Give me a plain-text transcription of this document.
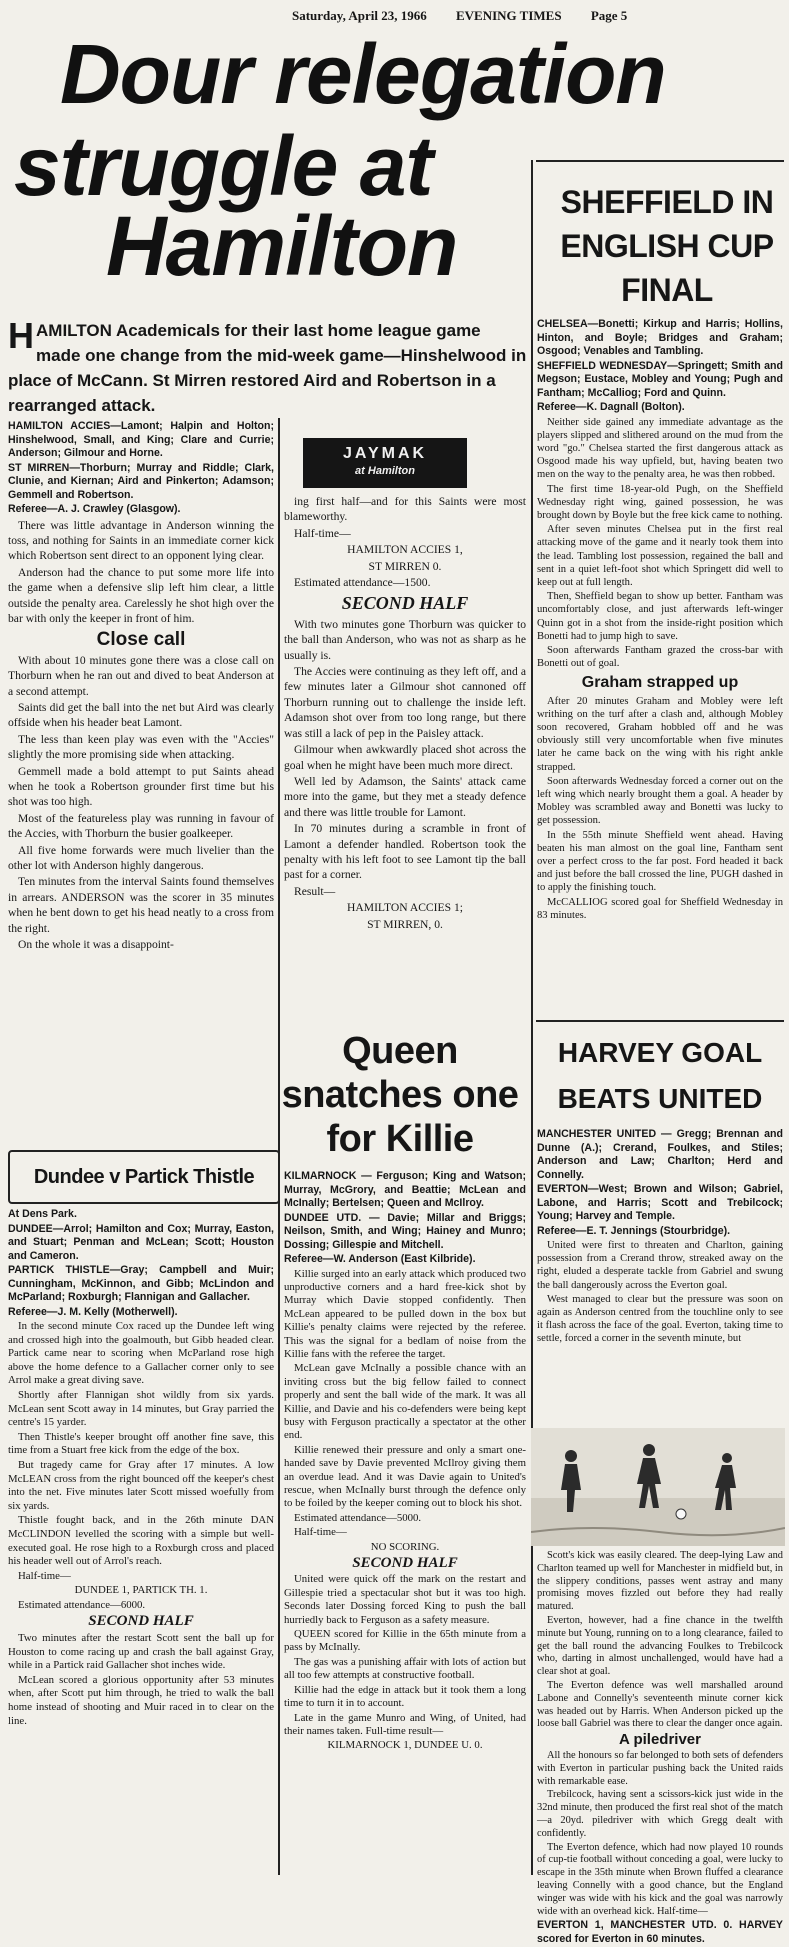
Saturday, April 23, 1966 EVENING TIMES Page 5
Dour relegation
struggle at
Hamilton
HAMILTON Academicals for their last home league game made one change from the mid-week game—Hinshelwood in place of McCann. St Mirren restored Aird and Robertson in a rearranged attack.

HAMILTON ACCIES—Lamont; Halpin and Holton; Hinshelwood, Small, and King; Clare and Currie; Anderson; Gilmour and Horne.

ST MIRREN—Thorburn; Murray and Riddle; Clark, Clunie, and Kiernan; Aird and Pinkerton; Adamson; Gemmell and Robertson.

Referee—A. J. Crawley (Glasgow).

There was little advantage in Anderson winning the toss, and nothing for Saints in an immediate corner kick which Robertson sent direct to an opponent lying clear.

Anderson had the chance to put some more life into the game when a defensive slip left him clear, a little outside the penalty area. Carelessly he shot high over the bar with only the keeper in front of him.

Close call

With about 10 minutes gone there was a close call on Thorburn when he ran out and dived to beat Anderson at a second attempt.

Saints did get the ball into the net but Aird was clearly offside when his header beat Lamont.

The less than keen play was even with the "Accies" slightly the more promising side when attacking.

Gemmell made a bold attempt to put Saints ahead when he took a Robertson grounder first time but his shot was too high.

Most of the featureless play was running in favour of the Accies, with Thorburn the busier goalkeeper.

All five home forwards were much livelier than the other lot with Anderson highly dangerous.

Ten minutes from the interval Saints found themselves in arrears. ANDERSON was the scorer in 35 minutes when he bent down to get his head neatly to a cross from the right.

On the whole it was a disappoint-

JAYMAK
at Hamilton

ing first half—and for this Saints were most blameworthy.

Half-time—

HAMILTON ACCIES 1,

ST MIRREN 0.

Estimated attendance—1500.

SECOND HALF

With two minutes gone Thorburn was quicker to the ball than Anderson, who was not as sharp as he usually is.

The Accies were continuing as they left off, and a few minutes later a Gilmour shot cannoned off Thorburn running out to challenge the inside left. Adamson shot over from too long range, but there was still a lack of pep in the Paisley attack.

Gilmour when awkwardly placed shot across the goal when he might have been much more direct.

Well led by Adamson, the Saints' attack came more into the game, but they met a steady defence and there was little trouble for Lamont.

In 70 minutes during a scramble in front of Lamont a defender handled. Robertson took the penalty with his left foot to see Lamont tip the ball past for a corner.

Result—

HAMILTON ACCIES 1;

ST MIRREN, 0.

Dundee v Partick Thistle

At Dens Park.

DUNDEE—Arrol; Hamilton and Cox; Murray, Easton, and Stuart; Penman and McLean; Scott; Houston and Cameron.

PARTICK THISTLE—Gray; Campbell and Muir; Cunningham, McKinnon, and Gibb; McLindon and McParland; Roxburgh; Flannigan and Gallacher.

Referee—J. M. Kelly (Motherwell).

In the second minute Cox raced up the Dundee left wing and crossed high into the goalmouth, but Gibb headed clear. Partick came near to scoring when McParland rose high above the home defence to a Gallacher corner only to see Arrol make a great diving save.

Shortly after Flannigan shot wildly from six yards. McLean sent Scott away in 14 minutes, but Gray parried the centre's 15 yarder.

Then Thistle's keeper brought off another fine save, this time from a Stuart free kick from the edge of the box.

But tragedy came for Gray after 17 minutes. A low McLEAN cross from the right bounced off the keeper's chest into the net. Five minutes later Scott missed woefully from six yards.

Thistle fought back, and in the 26th minute DAN McCLINDON levelled the scoring with a simple but well-executed goal. He rose high to a Roxburgh cross and placed his header well out of Arrol's reach.

Half-time—

DUNDEE 1, PARTICK TH. 1.

Estimated attendance—6000.

SECOND HALF

Two minutes after the restart Scott sent the ball up for Houston to come racing up and crash the ball against Gray, while in a Partick raid Gallacher shot inches wide.

McLean scored a glorious opportunity after 53 minutes when, after Scott put him through, he tried to walk the ball home instead of shooting and Muir raced in to clear on the line.

Queen snatches one for Killie

KILMARNOCK — Ferguson; King and Watson; Murray, McGrory, and Beattie; McLean and McInally; Bertelsen; Queen and McIlroy.

DUNDEE UTD. — Davie; Millar and Briggs; Neilson, Smith, and Wing; Hainey and Munro; Dossing; Gillespie and Mitchell.

Referee—W. Anderson (East Kilbride).

Killie surged into an early attack which produced two unproductive corners and a hard free-kick shot by Murray which Davie stopped confidently. Then McLean appeared to be pulled down in the box but Killie's penalty claims were rejected by the referee. This was the signal for a bedlam of noise from the Killie fans with the referee the target.

McLean gave McInally a possible chance with an inviting cross but the big fellow failed to connect properly and sent the ball wide of the mark. It was all Killie, and Davie and his co-defenders were being kept busy with Ferguson practically a spectator at the other end.

Killie renewed their pressure and only a smart one-handed save by Davie prevented McIlroy giving them an overdue lead. And it was Davie again to United's rescue, when McInally burst through the defence only to be foiled by the keeper coming out to block his shot.

Estimated attendance—5000.

Half-time—

NO SCORING.

SECOND HALF

United were quick off the mark on the restart and Gillespie tried a spectacular shot but it was too high. Seconds later Dossing forced King to push the ball hurriedly back to Ferguson as a safety measure.

QUEEN scored for Killie in the 65th minute from a pass by McInally.

The gas was a punishing affair with lots of action but all too few attempts at constructive football.

Killie had the edge in attack but it took them a long time to turn it in to account.

Late in the game Munro and Wing, of United, had their names taken. Full-time result—

KILMARNOCK 1, DUNDEE U. 0.

SHEFFIELD IN ENGLISH CUP FINAL

CHELSEA—Bonetti; Kirkup and Harris; Hollins, Hinton, and Boyle; Bridges and Graham; Osgood; Venables and Tambling.

SHEFFIELD WEDNESDAY—Springett; Smith and Megson; Eustace, Mobley and Young; Pugh and Fantham; McCalliog; Ford and Quinn.

Referee—K. Dagnall (Bolton).

Neither side gained any immediate advantage as the players slipped and slithered around on the mud from the word "go." Chelsea started the first dangerous attack as Osgood made his way upfield, but, having beaten two men on the way to the penalty area, he was then robbed.

The first time 18-year-old Pugh, on the Sheffield Wednesday right wing, gained possession, he was brought down by Boyle but the free kick came to nothing.

After seven minutes Chelsea put in the first real attacking move of the game and it nearly took them into the lead. Tambling lost possession, regained the ball and sent in a quiet left-foot shot which Springett did well to keep out at full length.

Then, Sheffield began to show up better. Fantham was uncomfortably close, and just afterwards left-winger Quinn got in a shot from the inside-right position which Bonetti had to jump high to save.

Soon afterwards Fantham grazed the cross-bar with Bonetti out of goal.

Graham strapped up

After 20 minutes Graham and Mobley were left writhing on the turf after a clash and, although Mobley soon recovered, Graham hobbled off and he was obviously still very uncomfortable when five minutes later he came back on the wing with his right ankle strapped.

Soon afterwards Wednesday forced a corner out on the left wing which nearly brought them a goal. A header by Mobley was scrambled away and Bonetti was lucky to get possession.

In the 55th minute Sheffield went ahead. Having beaten his man almost on the goal line, Fantham sent over a perfect cross to the far post. Ford headed it back and just before the ball crossed the line, PUGH dashed in to apply the finishing touch.

McCALLIOG scored goal for Sheffield Wednesday in 83 minutes.

HARVEY GOAL BEATS UNITED

MANCHESTER UNITED — Gregg; Brennan and Dunne (A.); Crerand, Foulkes, and Stiles; Anderson and Law; Charlton; Herd and Connelly.

EVERTON—West; Brown and Wilson; Gabriel, Labone, and Harris; Scott and Trebilcock; Young; Harvey and Temple.

Referee—E. T. Jennings (Stourbridge).

United were first to threaten and Charlton, gaining possession from a Crerand throw, streaked away on the right, eluded a desperate tackle from Gabriel and swung the ball dangerously across the Everton goal.

West managed to clear but the pressure was soon on again as Anderson centred from the touchline only to see it flash across the face of the goal. Everton, taking time to settle, forced a corner in the seventh minute, but

Scott's kick was easily cleared. The deep-lying Law and Charlton teamed up well for Manchester in midfield but, in the slippery conditions, passes went astray and many promising moves fizzled out before they had really matured.

Everton, however, had a fine chance in the twelfth minute but Young, running on to a long clearance, failed to get the ball round the advancing Foulkes to Trebilcock who, darting in almost unchallenged, would have had a clear shot at goal.

The Everton defence was well marshalled around Labone and Connelly's seventeenth minute corner kick was headed out by Harris. When Anderson picked up the loose ball Gabriel was there to clear the danger once again.

A piledriver

All the honours so far belonged to both sets of defenders with Everton in particular pushing back the United raids with remarkable ease.

Trebilcock, having sent a scissors-kick just wide in the 32nd minute, then produced the first real shot of the match—a 20yd. piledriver with which Gregg dealt with confidently.

The Everton defence, which had now played 10 rounds of cup-tie football without conceding a goal, were lucky to escape in the 35th minute when Brown fluffed a clearance leaving Connelly with a good chance, but the England winger was wide with his kick and the goal was narrowly wide with an overhead kick. Half-time—

EVERTON 1, MANCHESTER UTD. 0. HARVEY scored for Everton in 60 minutes.
